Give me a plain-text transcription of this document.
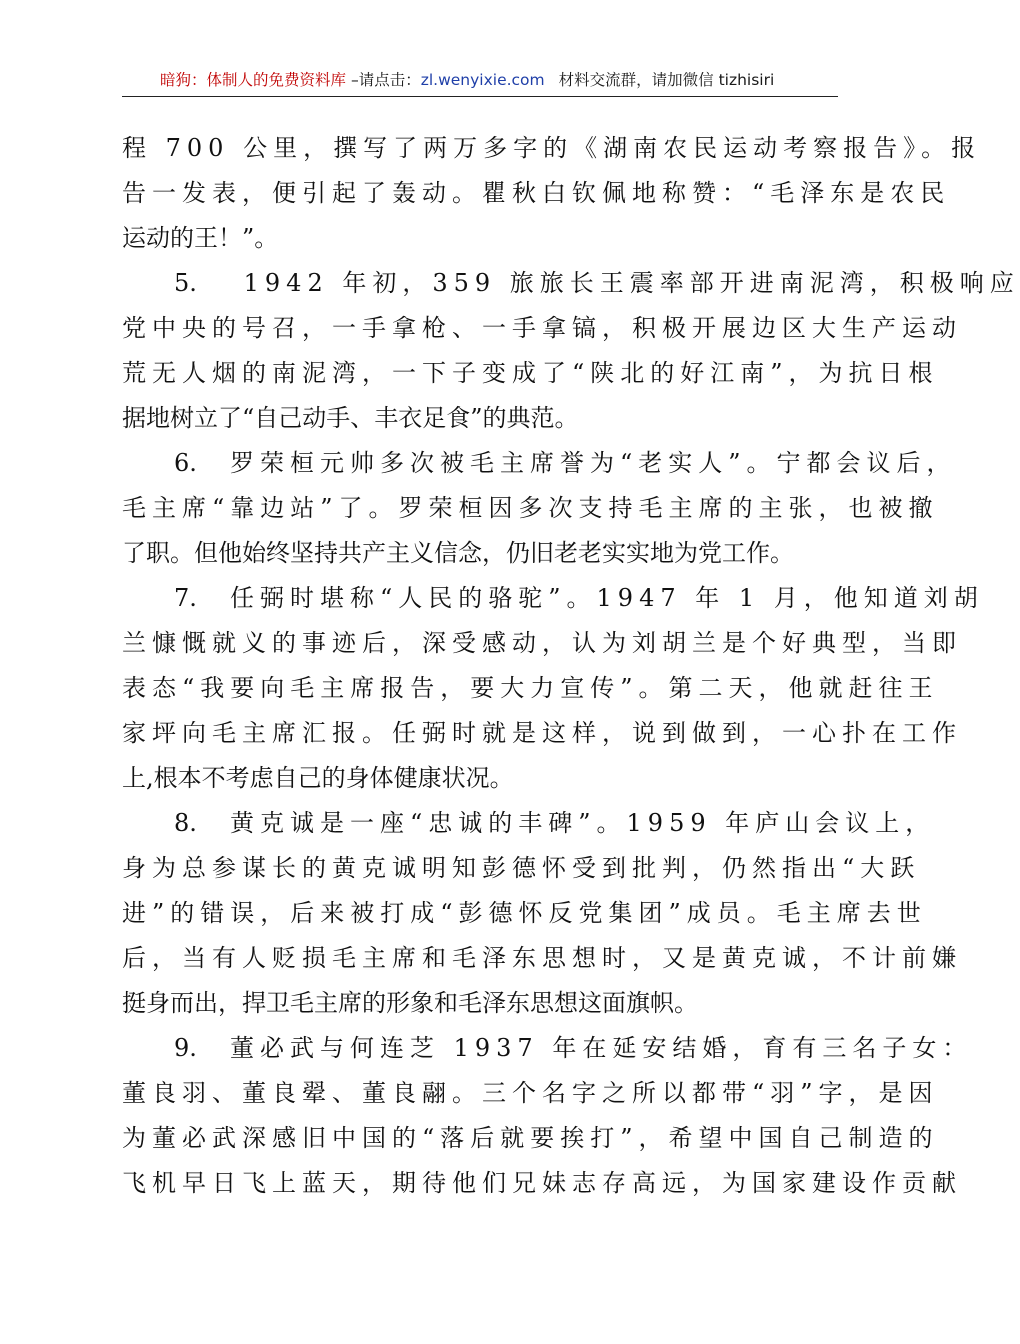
暗狗：体制人的免费资料库 –请点击：zl.wenyixie.com 材料交流群，请加微信 tizhisiri
程 700 公里，撰写了两万多字的《湖南农民运动考察报告》。报
告一发表，便引起了轰动。瞿秋白钦佩地称赞：“毛泽东是农民
运动的王！”。
5. 1942 年初，359 旅旅长王震率部开进南泥湾，积极响应
党中央的号召，一手拿枪、一手拿镐，积极开展边区大生产运动
荒无人烟的南泥湾，一下子变成了“陕北的好江南”，为抗日根
据地树立了“自己动手、丰衣足食”的典范。
6. 罗荣桓元帅多次被毛主席誉为“老实人”。宁都会议后，
毛主席“靠边站”了。罗荣桓因多次支持毛主席的主张，也被撤
了职。但他始终坚持共产主义信念，仍旧老老实实地为党工作。
7. 任弼时堪称“人民的骆驼”。1947 年 1 月，他知道刘胡
兰慷慨就义的事迹后，深受感动，认为刘胡兰是个好典型，当即
表态“我要向毛主席报告，要大力宣传”。第二天，他就赶往王
家坪向毛主席汇报。任弼时就是这样，说到做到，一心扑在工作
上,根本不考虑自己的身体健康状况。
8. 黄克诚是一座“忠诚的丰碑”。1959 年庐山会议上，
身为总参谋长的黄克诚明知彭德怀受到批判，仍然指出“大跃
进”的错误，后来被打成“彭德怀反党集团”成员。毛主席去世
后，当有人贬损毛主席和毛泽东思想时，又是黄克诚，不计前嫌
挺身而出，捍卫毛主席的形象和毛泽东思想这面旗帜。
9. 董必武与何连芝 1937 年在延安结婚，育有三名子女：
董良羽、董良翚、董良翮。三个名字之所以都带“羽”字，是因
为董必武深感旧中国的“落后就要挨打”，希望中国自己制造的
飞机早日飞上蓝天，期待他们兄妹志存高远，为国家建设作贡献
